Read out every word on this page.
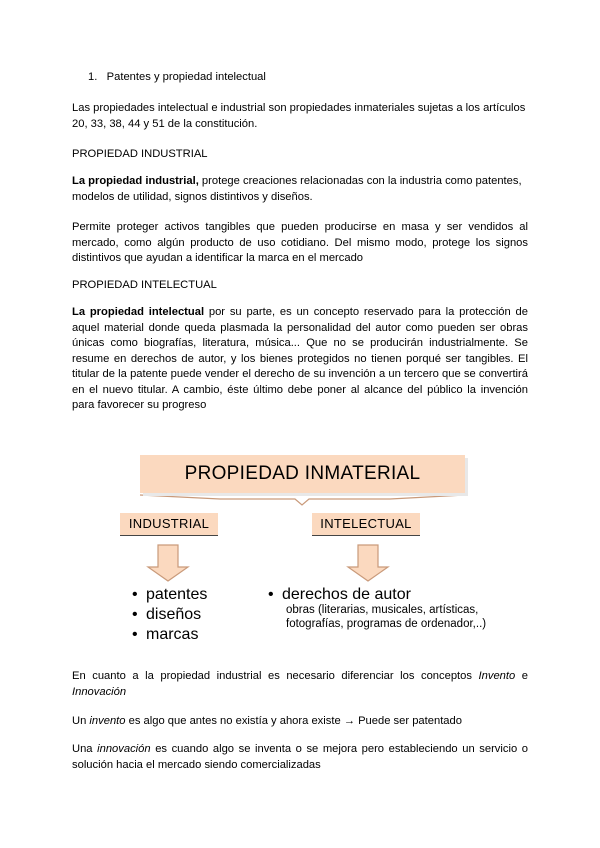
1. Patentes y propiedad intelectual

Las propiedades intelectual e industrial son propiedades inmateriales sujetas a los artículos 20, 33, 38, 44 y 51 de la constitución.

PROPIEDAD INDUSTRIAL

La propiedad industrial, protege creaciones relacionadas con la industria como patentes, modelos de utilidad, signos distintivos y diseños.

Permite proteger activos tangibles que pueden producirse en masa y ser vendidos al mercado, como algún producto de uso cotidiano. Del mismo modo, protege los signos distintivos que ayudan a identificar la marca en el mercado

PROPIEDAD INTELECTUAL

La propiedad intelectual por su parte, es un concepto reservado para la protección de aquel material donde queda plasmada la personalidad del autor como pueden ser obras únicas como biografías, literatura, música... Que no se producirán industrialmente. Se resume en derechos de autor, y los bienes protegidos no tienen porqué ser tangibles. El titular de la patente puede vender el derecho de su invención a un tercero que se convertirá en el nuevo titular. A cambio, éste último debe poner al alcance del público la invención para favorecer su progreso

PROPIEDAD INMATERIAL
INDUSTRIAL	INTELECTUAL
• patentes
• diseños
• marcas
• derechos de autor
obras (literarias, musicales, artísticas,
fotografías, programas de ordenador,..)

En cuanto a la propiedad industrial es necesario diferenciar los conceptos Invento e Innovación

Un invento es algo que antes no existía y ahora existe → Puede ser patentado

Una innovación es cuando algo se inventa o se mejora pero estableciendo un servicio o solución hacia el mercado siendo comercializadas
